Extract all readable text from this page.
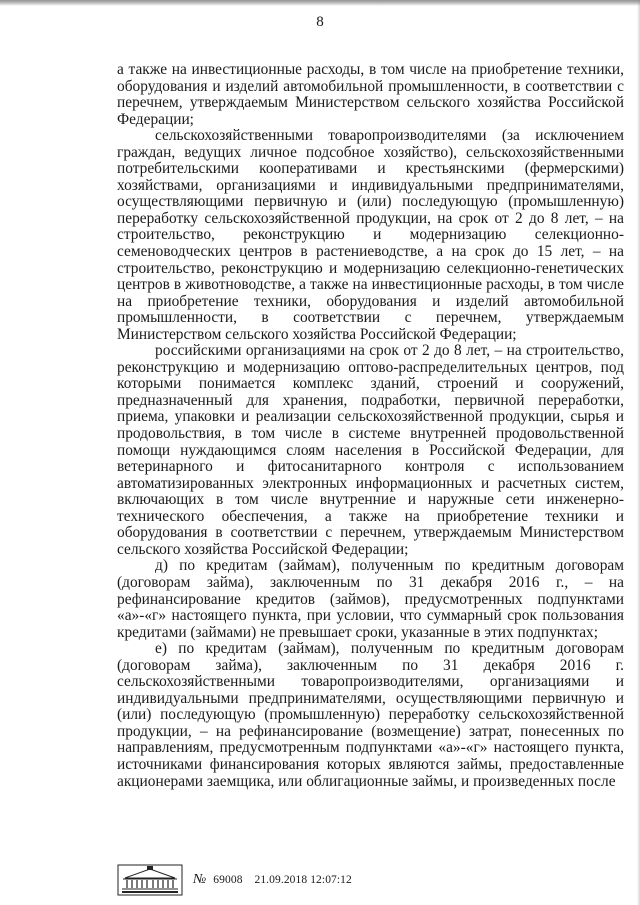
8

а также на инвестиционные расходы, в том числе на приобретение техники, оборудования и изделий автомобильной промышленности, в соответствии с перечнем, утверждаемым Министерством сельского хозяйства Российской Федерации;

сельскохозяйственными товаропроизводителями (за исключением граждан, ведущих личное подсобное хозяйство), сельскохозяйственными потребительскими кооперативами и крестьянскими (фермерскими) хозяйствами, организациями и индивидуальными предпринимателями, осуществляющими первичную и (или) последующую (промышленную) переработку сельскохозяйственной продукции, на срок от 2 до 8 лет, – на строительство, реконструкцию и модернизацию селекционно-семеноводческих центров в растениеводстве, а на срок до 15 лет, – на строительство, реконструкцию и модернизацию селекционно-генетических центров в животноводстве, а также на инвестиционные расходы, в том числе на приобретение техники, оборудования и изделий автомобильной промышленности, в соответствии с перечнем, утверждаемым Министерством сельского хозяйства Российской Федерации;

российскими организациями на срок от 2 до 8 лет, – на строительство, реконструкцию и модернизацию оптово-распределительных центров, под которыми понимается комплекс зданий, строений и сооружений, предназначенный для хранения, подработки, первичной переработки, приема, упаковки и реализации сельскохозяйственной продукции, сырья и продовольствия, в том числе в системе внутренней продовольственной помощи нуждающимся слоям населения в Российской Федерации, для ветеринарного и фитосанитарного контроля с использованием автоматизированных электронных информационных и расчетных систем, включающих в том числе внутренние и наружные сети инженерно-технического обеспечения, а также на приобретение техники и оборудования в соответствии с перечнем, утверждаемым Министерством сельского хозяйства Российской Федерации;

д) по кредитам (займам), полученным по кредитным договорам (договорам займа), заключенным по 31 декабря 2016 г., – на рефинансирование кредитов (займов), предусмотренных подпунктами «а»-«г» настоящего пункта, при условии, что суммарный срок пользования кредитами (займами) не превышает сроки, указанные в этих подпунктах;

е) по кредитам (займам), полученным по кредитным договорам (договорам займа), заключенным по 31 декабря 2016 г. сельскохозяйственными товаропроизводителями, организациями и индивидуальными предпринимателями, осуществляющими первичную и (или) последующую (промышленную) переработку сельскохозяйственной продукции, – на рефинансирование (возмещение) затрат, понесенных по направлениям, предусмотренным подпунктами «а»-«г» настоящего пункта, источниками финансирования которых являются займы, предоставленные акционерами заемщика, или облигационные займы, и произведенных после

№ 69008 21.09.2018 12:07:12
